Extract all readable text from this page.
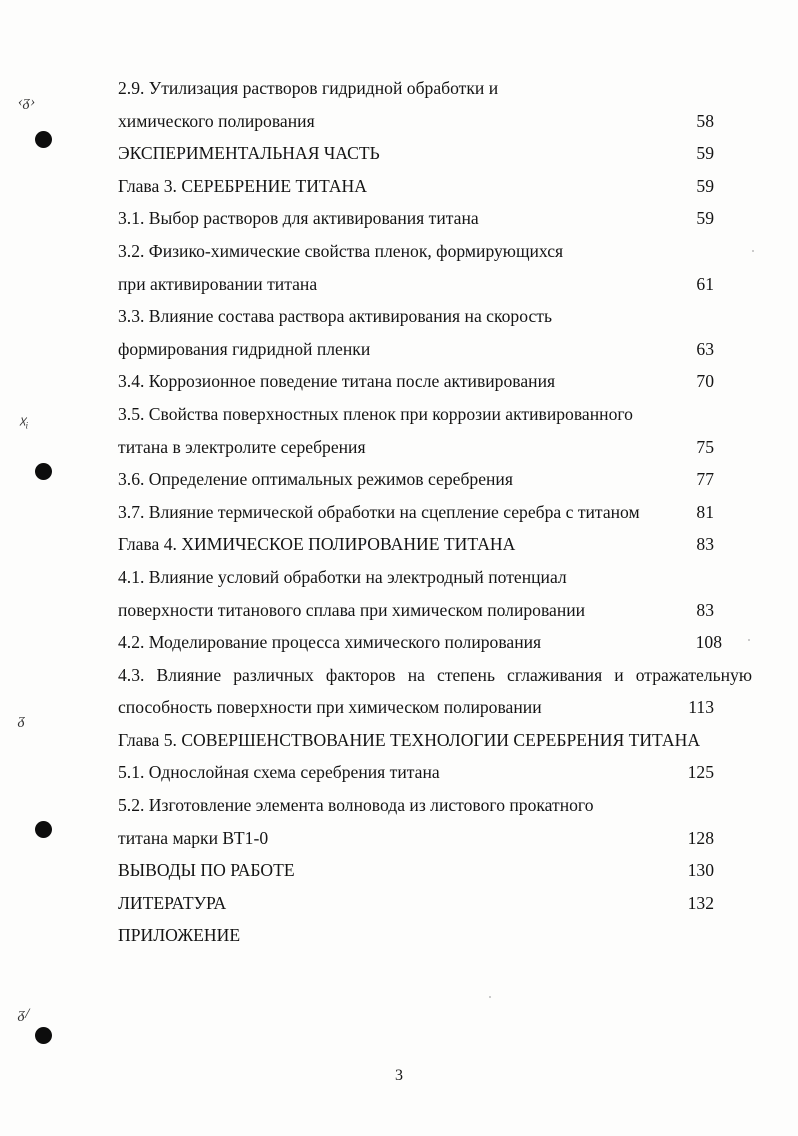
‹ᵹ›
☓ᵢ
ᵹ
ᵹ/
2.9. Утилизация растворов гидридной обработки и
химического полирования	58
ЭКСПЕРИМЕНТАЛЬНАЯ ЧАСТЬ	59
Глава 3. СЕРЕБРЕНИЕ ТИТАНА	59
3.1. Выбор растворов для активирования титана	59
3.2. Физико-химические свойства пленок, формирующихся
при активировании титана	61
3.3. Влияние состава раствора активирования на скорость
формирования гидридной пленки	63
3.4. Коррозионное поведение титана после активирования	70
3.5. Свойства поверхностных пленок при коррозии активированного
титана в электролите серебрения	75
3.6. Определение оптимальных режимов серебрения	77
3.7. Влияние термической обработки на сцепление серебра с титаном	81
Глава 4. ХИМИЧЕСКОЕ ПОЛИРОВАНИЕ ТИТАНА	83
4.1. Влияние условий обработки на электродный потенциал
поверхности титанового сплава при химическом полировании	83
4.2. Моделирование процесса химического полирования	108
4.3. Влияние различных факторов на степень сглаживания и отражательную
способность поверхности при химическом полировании	113
Глава 5. СОВЕРШЕНСТВОВАНИЕ ТЕХНОЛОГИИ СЕРЕБРЕНИЯ ТИТАНА
5.1. Однослойная схема серебрения титана	125
5.2. Изготовление элемента волновода из листового прокатного
титана марки ВТ1-0	128
ВЫВОДЫ ПО РАБОТЕ	130
ЛИТЕРАТУРА	132
ПРИЛОЖЕНИЕ
3
